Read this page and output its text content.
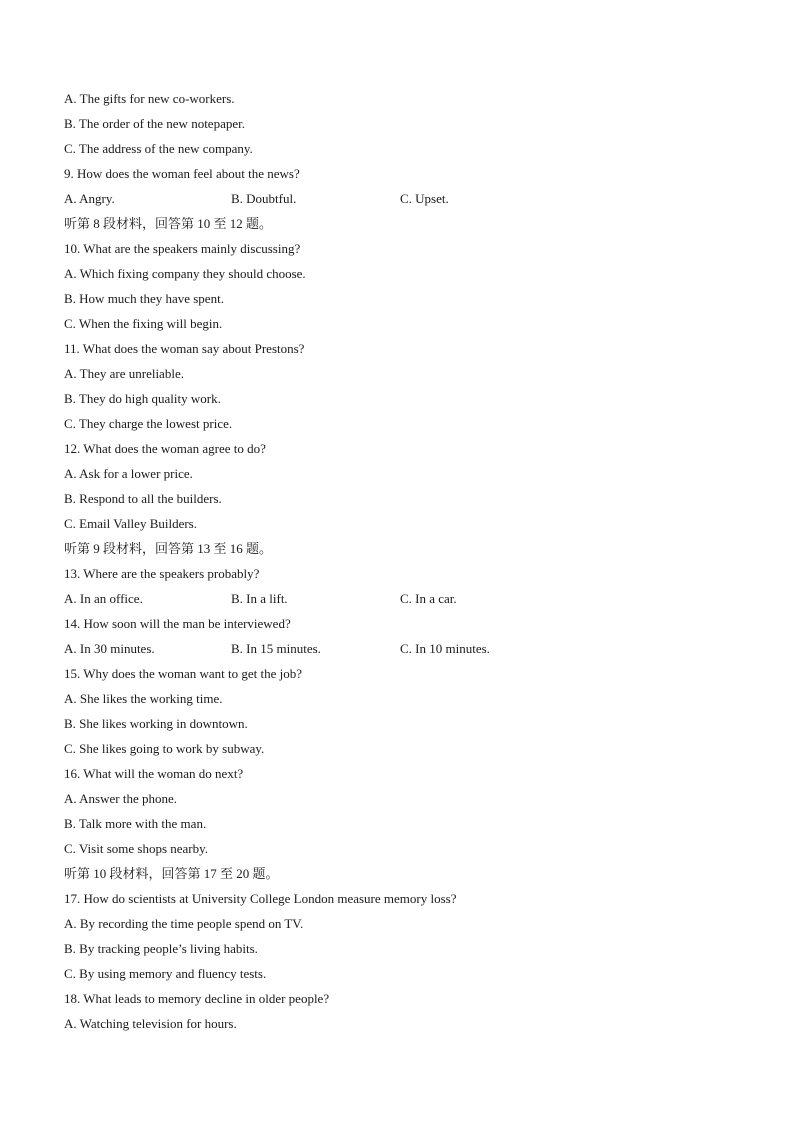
A. The gifts for new co-workers.
B. The order of the new notepaper.
C. The address of the new company.
9. How does the woman feel about the news?
A. Angry.	B. Doubtful.	C. Upset.
听第 8 段材料，回答第 10 至 12 题。
10. What are the speakers mainly discussing?
A. Which fixing company they should choose.
B. How much they have spent.
C. When the fixing will begin.
11. What does the woman say about Prestons?
A. They are unreliable.
B. They do high quality work.
C. They charge the lowest price.
12. What does the woman agree to do?
A. Ask for a lower price.
B. Respond to all the builders.
C. Email Valley Builders.
听第 9 段材料，回答第 13 至 16 题。
13. Where are the speakers probably?
A. In an office.	B. In a lift.	C. In a car.
14. How soon will the man be interviewed?
A. In 30 minutes.	B. In 15 minutes.	C. In 10 minutes.
15. Why does the woman want to get the job?
A. She likes the working time.
B. She likes working in downtown.
C. She likes going to work by subway.
16. What will the woman do next?
A. Answer the phone.
B. Talk more with the man.
C. Visit some shops nearby.
听第 10 段材料，回答第 17 至 20 题。
17. How do scientists at University College London measure memory loss?
A. By recording the time people spend on TV.
B. By tracking people’s living habits.
C. By using memory and fluency tests.
18. What leads to memory decline in older people?
A. Watching television for hours.
